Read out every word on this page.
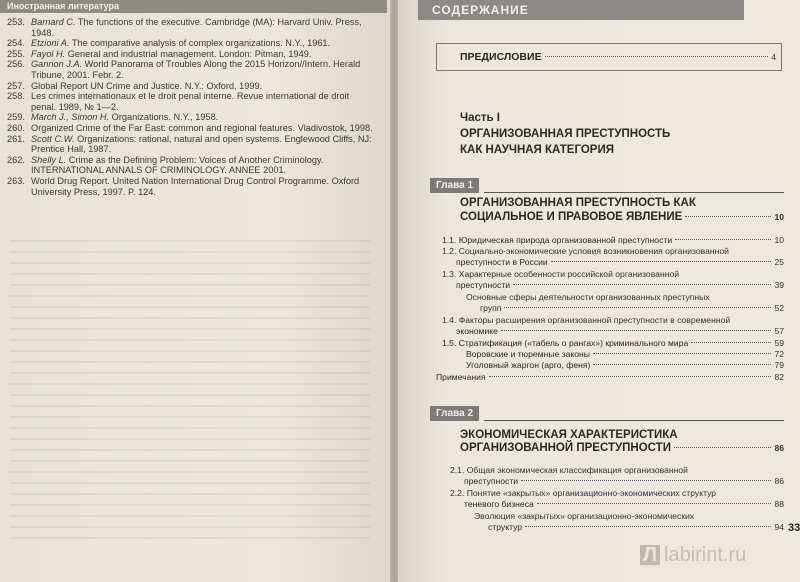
Иностранная литература
253. Barnard C. The functions of the executive. Cambridge (MA): Harvard Univ. Press, 1948.
254. Etzioni A. The comparative analysis of complex organizations. N.Y., 1961.
255. Fayol H. General and industrial management. London: Pitman, 1949.
256. Gannon J.A. World Panorama of Troubles Along the 2015 Horizon//Intern. Herald Tribune, 2001. Febr. 2.
257. Global Report UN Crime and Justice. N.Y.: Oxford, 1999.
258. Les crimes internationaux et le droit penal interne. Revue international de droit penal. 1989, № 1—2.
259. March J., Simon H. Organizations. N.Y., 1958.
260. Organized Crime of the Far East: common and regional features. Vladivostok, 1998.
261. Scott C.W. Organizations: rational, natural and open systems. Englewood Cliffs, NJ: Prentice Hall, 1987.
262. Shelly L. Crime as the Defining Problem: Voices of Another Criminology. INTERNATIONAL ANNALS OF CRIMINOLOGY. ANNEE 2001.
263. World Drug Report. United Nation International Drug Control Programme. Oxford University Press, 1997. P. 124.
СОДЕРЖАНИЕ
ПРЕДИСЛОВИЕ	4
Часть I
ОРГАНИЗОВАННАЯ ПРЕСТУПНОСТЬ
КАК НАУЧНАЯ КАТЕГОРИЯ
Глава 1
ОРГАНИЗОВАННАЯ ПРЕСТУПНОСТЬ КАК
СОЦИАЛЬНОЕ И ПРАВОВОЕ ЯВЛЕНИЕ	10
1.1. Юридическая природа организованной преступности	10
1.2. Социально-экономические условия возникновения организованной
преступности в России	25
1.3. Характерные особенности российской организованной
преступности	39
Основные сферы деятельности организованных преступных
групп	52
1.4. Факторы расширения организованной преступности в современной
экономике	57
1.5. Стратификация («табель о рангах») криминального мира	59
Воровские и тюремные законы	72
Уголовный жаргон (арго, феня)	79
Примечания	82
Глава 2
ЭКОНОМИЧЕСКАЯ ХАРАКТЕРИСТИКА
ОРГАНИЗОВАННОЙ ПРЕСТУПНОСТИ	86
2.1. Общая экономическая классификация организованной
преступности	86
2.2. Понятие «закрытых» организационно-экономических структур
теневого бизнеса	88
Эволюция «закрытых» организационно-экономических
структур	94 33
Л labirint.ru
